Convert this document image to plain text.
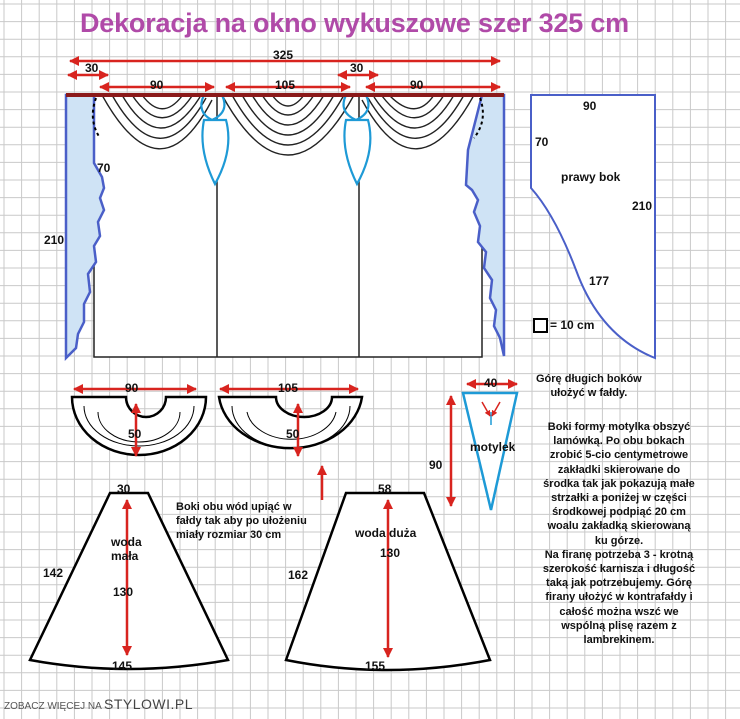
Dekoracja na okno wykuszowe szer 325 cm
325
30	30
90	105	90
210
70
90
70
prawy bok
210
177
= 10 cm
90
50
105
50
40
90
motylek
30
woda
mała
142
130
145
58
woda duża
130
162
155
Górę długich boków
ułożyć w fałdy.
Boki obu wód upiąć w
fałdy tak aby po ułożeniu
miały rozmiar 30 cm
Boki formy motylka obszyć
lamówką. Po obu bokach
zrobić 5-cio centymetrowe
zakładki skierowane do
środka tak jak pokazują małe
strzałki a poniżej w części
środkowej podpiąć 20 cm
woalu zakładką skierowaną
ku górze.
Na firanę potrzeba 3 - krotną
szerokość karnisza i długość
taką jak potrzebujemy. Górę
firany ułożyć w kontrafałdy i
całość można wszć we
wspólną plisę razem z
lambrekinem.
ZOBACZ WIĘCEJ NA STYLOWI.PL
